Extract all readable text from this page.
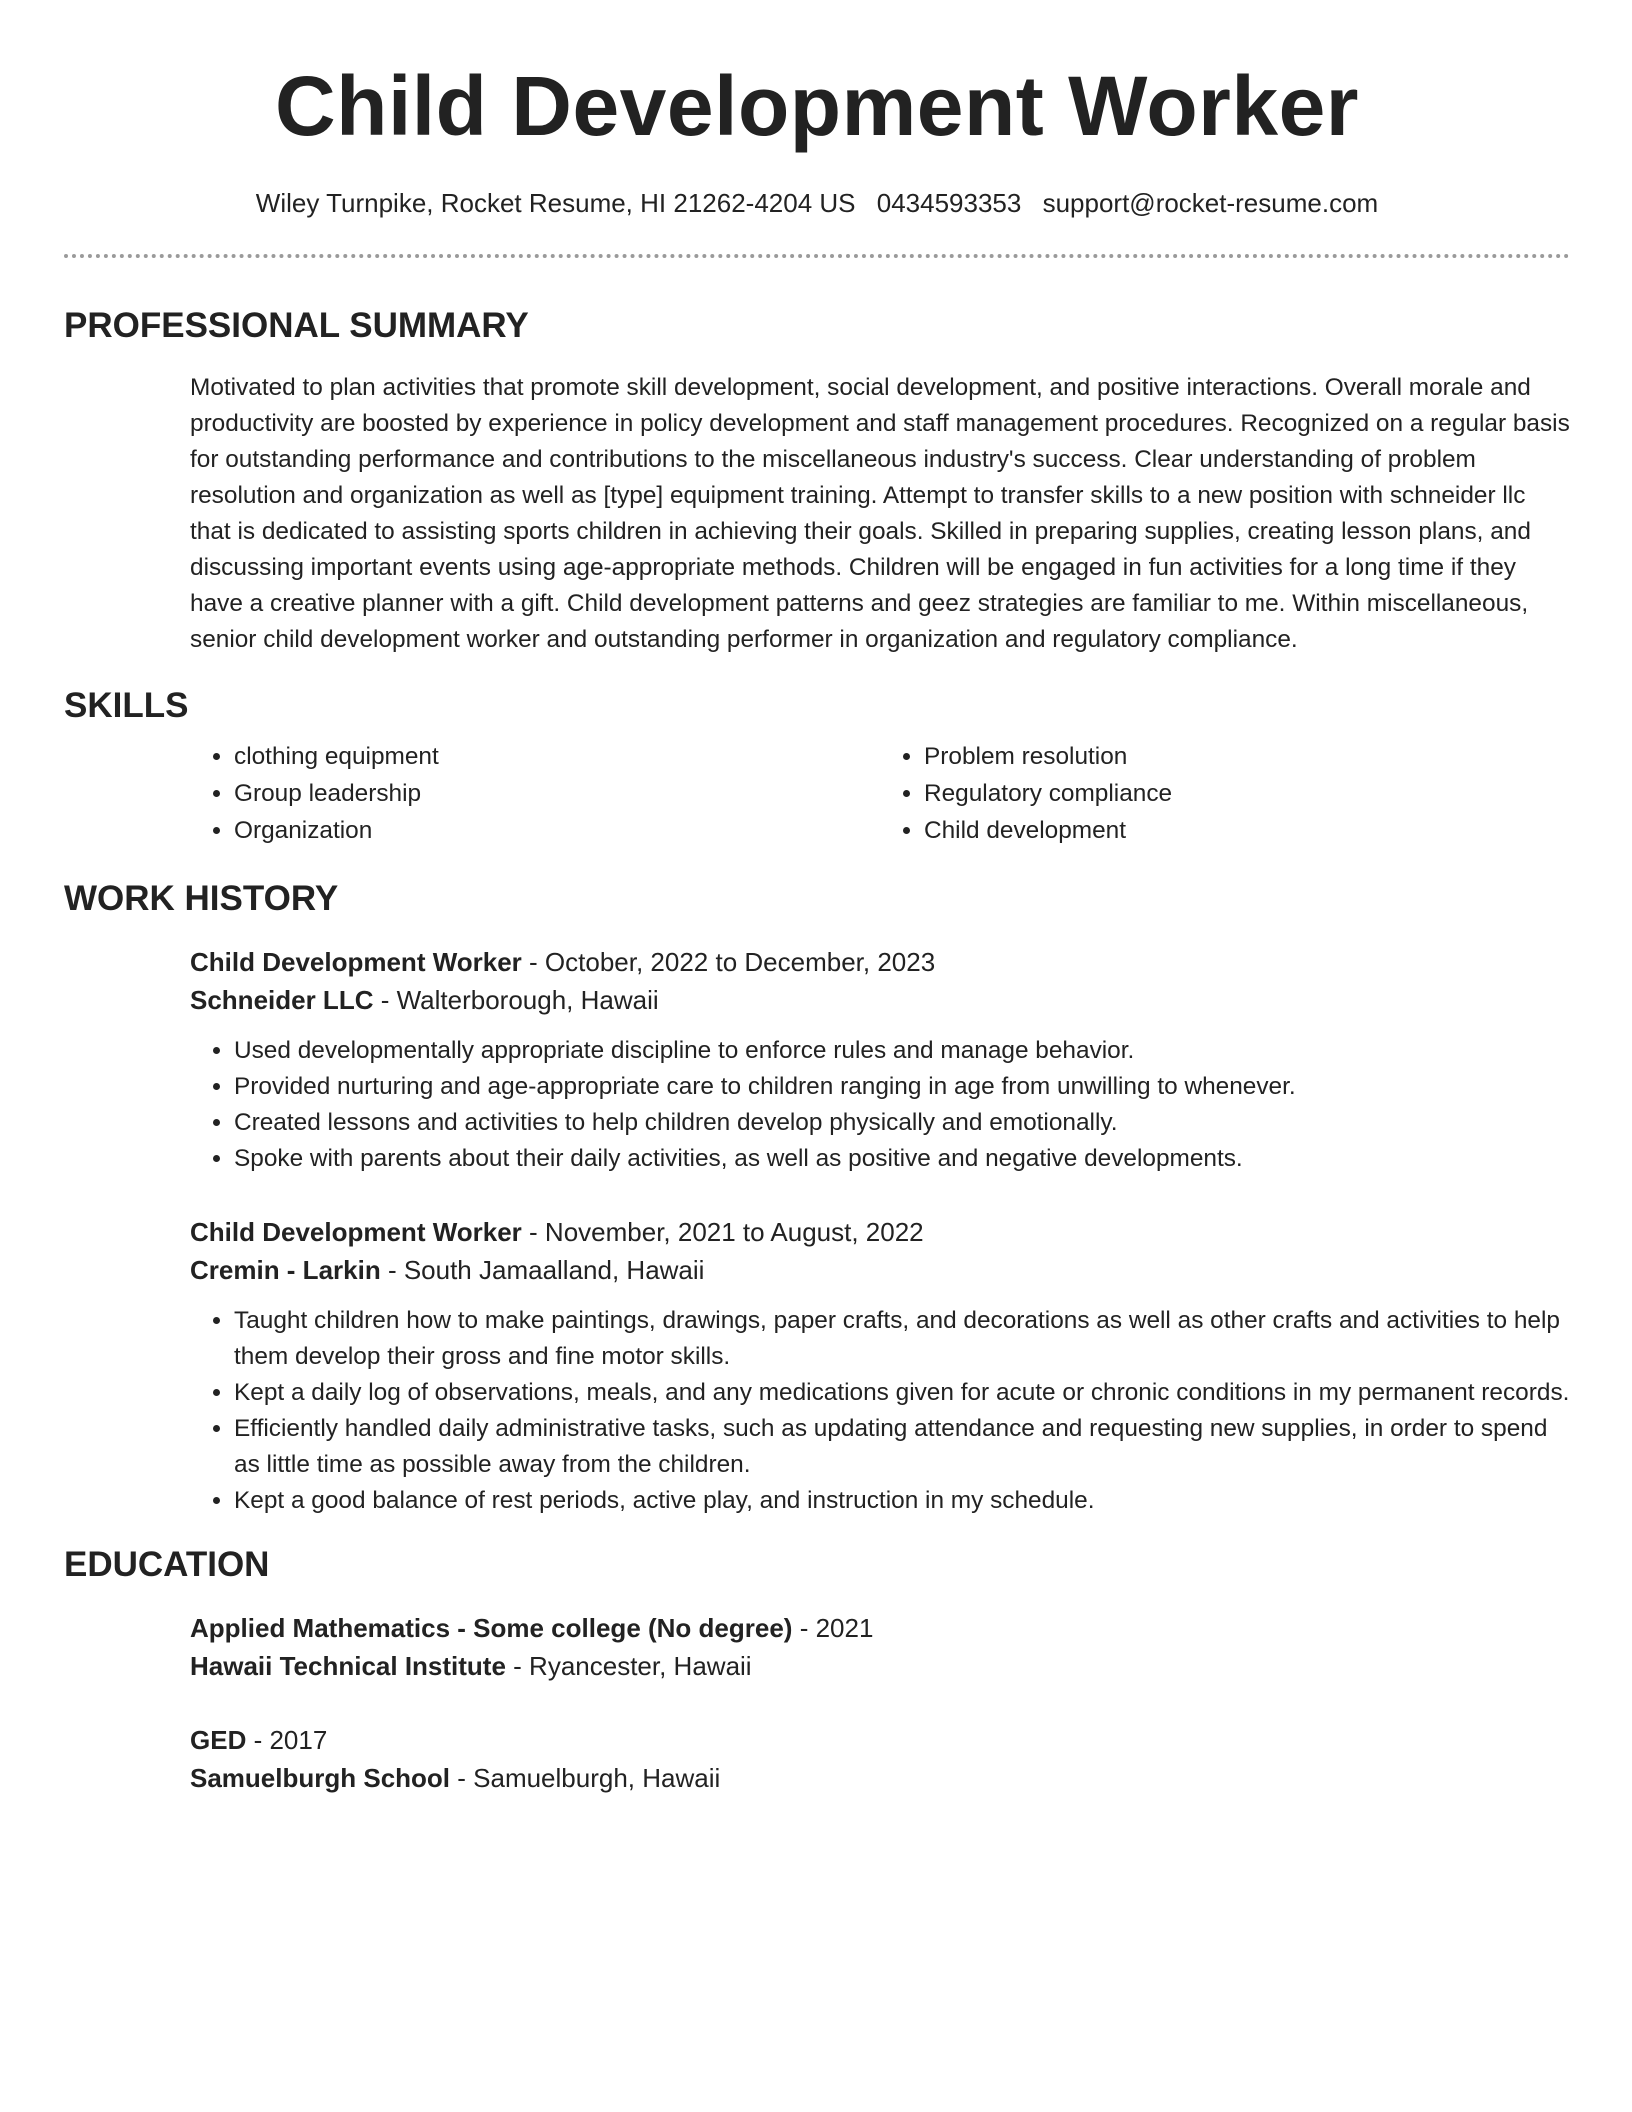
Child Development Worker
Wiley Turnpike, Rocket Resume, HI 21262-4204 US 0434593353 support@rocket-resume.com
PROFESSIONAL SUMMARY

Motivated to plan activities that promote skill development, social development, and positive interactions. Overall morale and productivity are boosted by experience in policy development and staff management procedures. Recognized on a regular basis for outstanding performance and contributions to the miscellaneous industry's success. Clear understanding of problem resolution and organization as well as [type] equipment training. Attempt to transfer skills to a new position with schneider llc that is dedicated to assisting sports children in achieving their goals. Skilled in preparing supplies, creating lesson plans, and discussing important events using age-appropriate methods. Children will be engaged in fun activities for a long time if they have a creative planner with a gift. Child development patterns and geez strategies are familiar to me. Within miscellaneous, senior child development worker and outstanding performer in organization and regulatory compliance.

SKILLS
• clothing equipment
• Group leadership
• Organization
• Problem resolution
• Regulatory compliance
• Child development
WORK HISTORY
Child Development Worker - October, 2022 to December, 2023
Schneider LLC - Walterborough, Hawaii
• Used developmentally appropriate discipline to enforce rules and manage behavior.
• Provided nurturing and age-appropriate care to children ranging in age from unwilling to whenever.
• Created lessons and activities to help children develop physically and emotionally.
• Spoke with parents about their daily activities, as well as positive and negative developments.
Child Development Worker - November, 2021 to August, 2022
Cremin - Larkin - South Jamaalland, Hawaii
• Taught children how to make paintings, drawings, paper crafts, and decorations as well as other crafts and activities to help them develop their gross and fine motor skills.
• Kept a daily log of observations, meals, and any medications given for acute or chronic conditions in my permanent records.
• Efficiently handled daily administrative tasks, such as updating attendance and requesting new supplies, in order to spend as little time as possible away from the children.
• Kept a good balance of rest periods, active play, and instruction in my schedule.
EDUCATION
Applied Mathematics - Some college (No degree) - 2021
Hawaii Technical Institute - Ryancester, Hawaii
GED - 2017
Samuelburgh School - Samuelburgh, Hawaii
